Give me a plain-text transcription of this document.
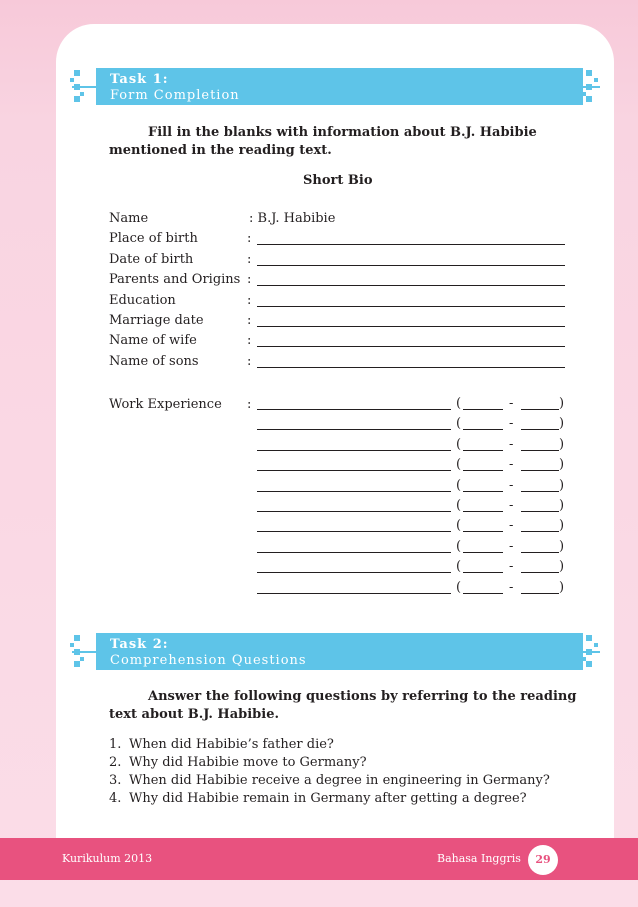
Task 1:
Form Completion
Fill in the blanks with information about B.J. Habibie
mentioned in the reading text.
Short Bio
Name	: B.J. Habibie
Place of birth	:
Date of birth	:
Parents and Origins :
Education	:
Marriage date	:
Name of wife	:
Name of sons	:
Work Experience :	(	-	)
(	-	)
(	-	)
(	-	)
(	-	)
(	-	)
(	-	)
(	-	)
(	-	)
(	-	)
Task 2:
Comprehension Questions
Answer the following questions by referring to the reading
text about B.J. Habibie.
1. When did Habibie’s father die?
2. Why did Habibie move to Germany?
3. When did Habibie receive a degree in engineering in Germany?
4. Why did Habibie remain in Germany after getting a degree?
Kurikulum 2013	Bahasa Inggris	29
